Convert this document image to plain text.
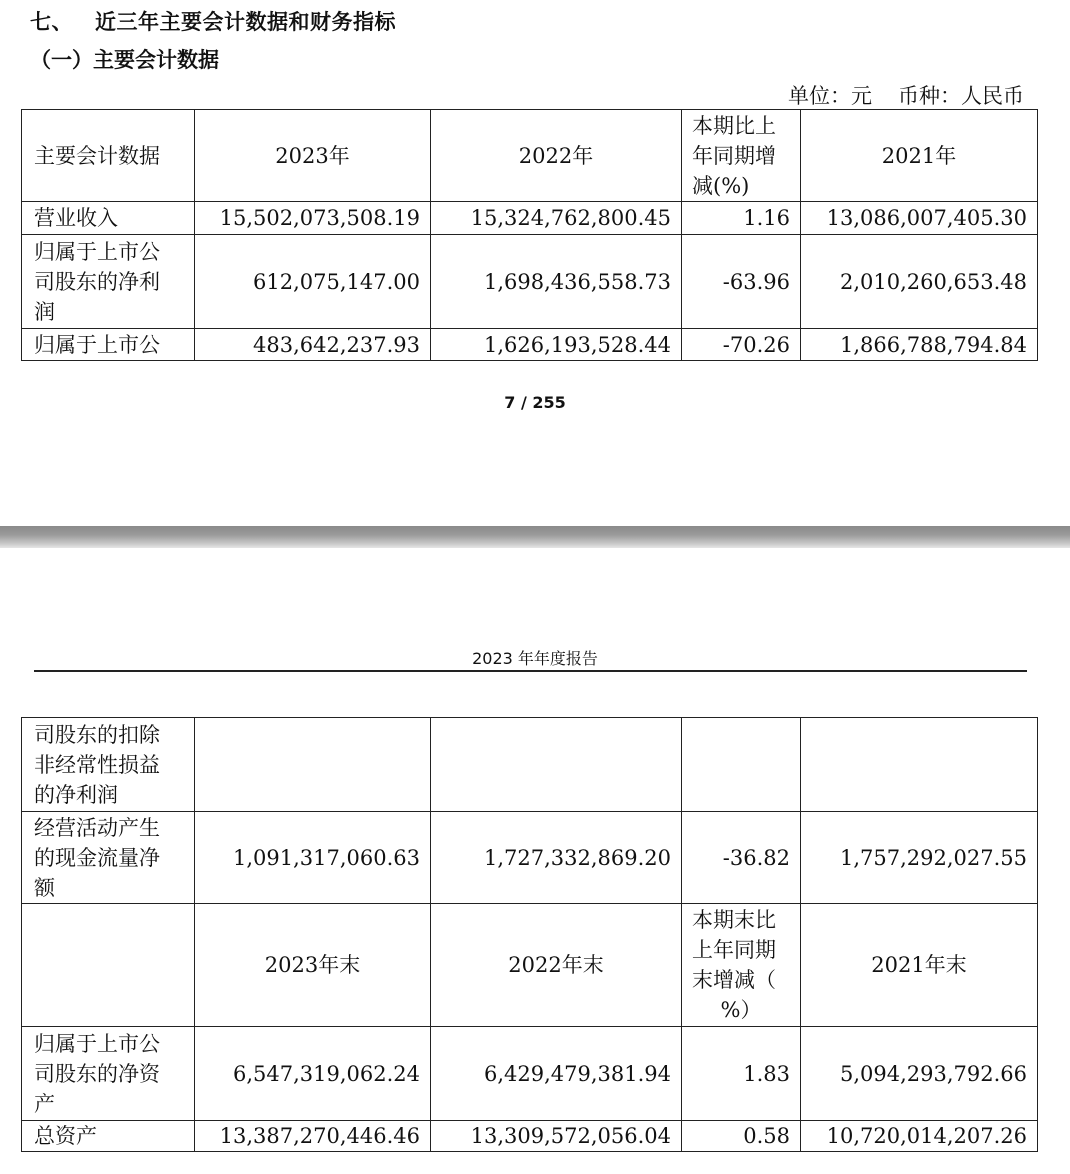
七、 近三年主要会计数据和财务指标
（一）主要会计数据
单位：元 币种：人民币
主要会计数据	2023年	2022年	本期比上
年同期增
减(%)	2021年

营业收入	15,502,073,508.19	15,324,762,800.45	1.16	13,086,007,405.30

归属于上市公
司股东的净利
润	612,075,147.00	1,698,436,558.73	-63.96	2,010,260,653.48

归属于上市公	483,642,237.93	1,626,193,528.44	-70.26	1,866,788,794.84
7 / 255
2023 年年度报告
司股东的扣除
非经常性损益
的净利润				

经营活动产生
的现金流量净
额	1,091,317,060.63	1,727,332,869.20	-36.82	1,757,292,027.55
	2023年末	2022年末	本期末比
上年同期
末增减（
%）	2021年末

归属于上市公
司股东的净资
产	6,547,319,062.24	6,429,479,381.94	1.83	5,094,293,792.66

总资产	13,387,270,446.46	13,309,572,056.04	0.58	10,720,014,207.26
